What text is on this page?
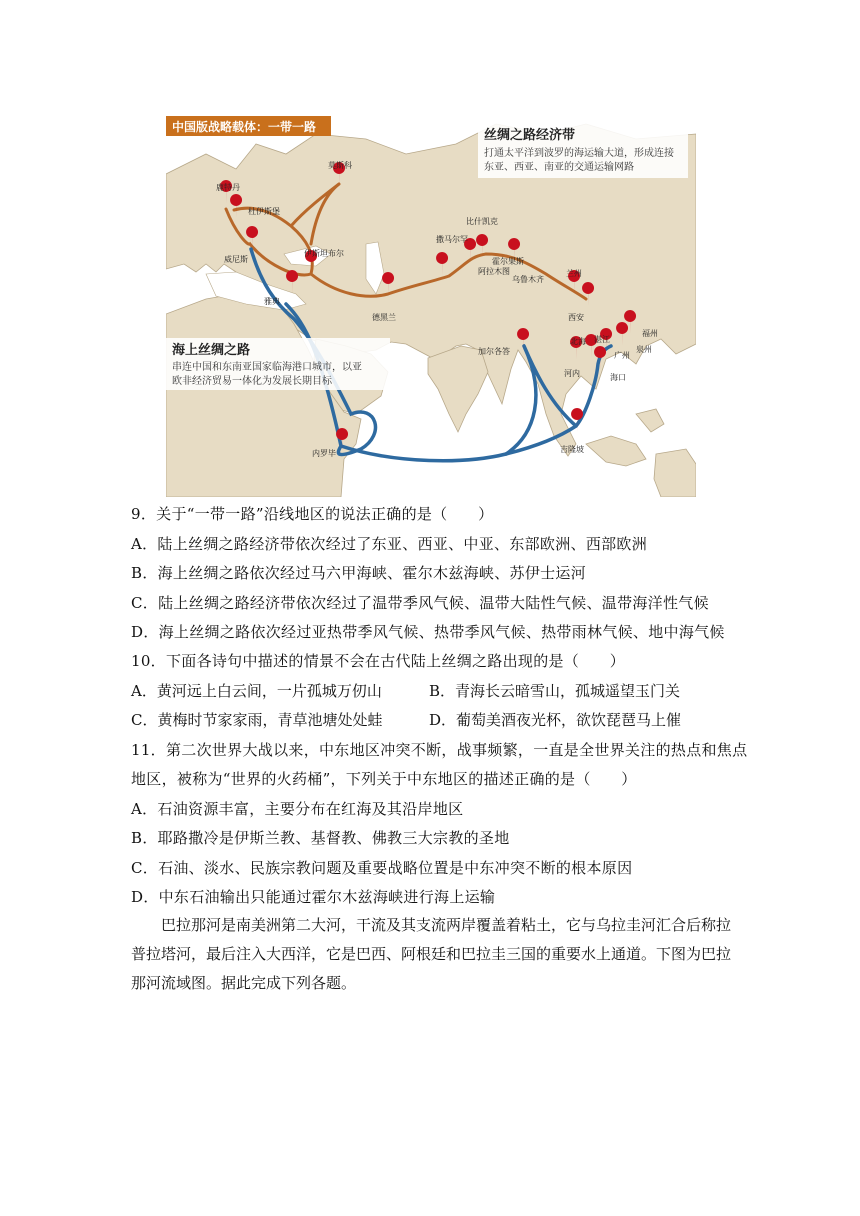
中国版战略载体：一带一路
丝绸之路经济带
打通太平洋到波罗的海运输大道，形成连接
东亚、西亚、南亚的交通运输网路
海上丝绸之路
串连中国和东南亚国家临海港口城市，以亚
欧非经济贸易一体化为发展长期目标
莫斯科
鹿特丹
杜伊斯堡
威尼斯
伊斯坦布尔
雅典
德黑兰
撒马尔罕
比什凯克
阿拉木图
霍尔果斯
乌鲁木齐
兰州
西安
加尔各答
北海 湛江
广州
福州
泉州
河内	海口
吉隆坡
内罗毕
9．关于“一带一路”沿线地区的说法正确的是（　　）
A．陆上丝绸之路经济带依次经过了东亚、西亚、中亚、东部欧洲、西部欧洲
B．海上丝绸之路依次经过马六甲海峡、霍尔木兹海峡、苏伊士运河
C．陆上丝绸之路经济带依次经过了温带季风气候、温带大陆性气候、温带海洋性气候
D．海上丝绸之路依次经过亚热带季风气候、热带季风气候、热带雨林气候、地中海气候
10．下面各诗句中描述的情景不会在古代陆上丝绸之路出现的是（　　）
A．黄河远上白云间，一片孤城万仞山	B．青海长云暗雪山，孤城遥望玉门关
C．黄梅时节家家雨，青草池塘处处蛙	D．葡萄美酒夜光杯，欲饮琵琶马上催
11．第二次世界大战以来，中东地区冲突不断，战事频繁，一直是全世界关注的热点和焦点
地区，被称为“世界的火药桶”，下列关于中东地区的描述正确的是（　　）
A．石油资源丰富，主要分布在红海及其沿岸地区
B．耶路撒冷是伊斯兰教、基督教、佛教三大宗教的圣地
C．石油、淡水、民族宗教问题及重要战略位置是中东冲突不断的根本原因
D．中东石油输出只能通过霍尔木兹海峡进行海上运输

　　巴拉那河是南美洲第二大河，干流及其支流两岸覆盖着粘土，它与乌拉圭河汇合后称拉

普拉塔河，最后注入大西洋，它是巴西、阿根廷和巴拉圭三国的重要水上通道。下图为巴拉

那河流域图。据此完成下列各题。
